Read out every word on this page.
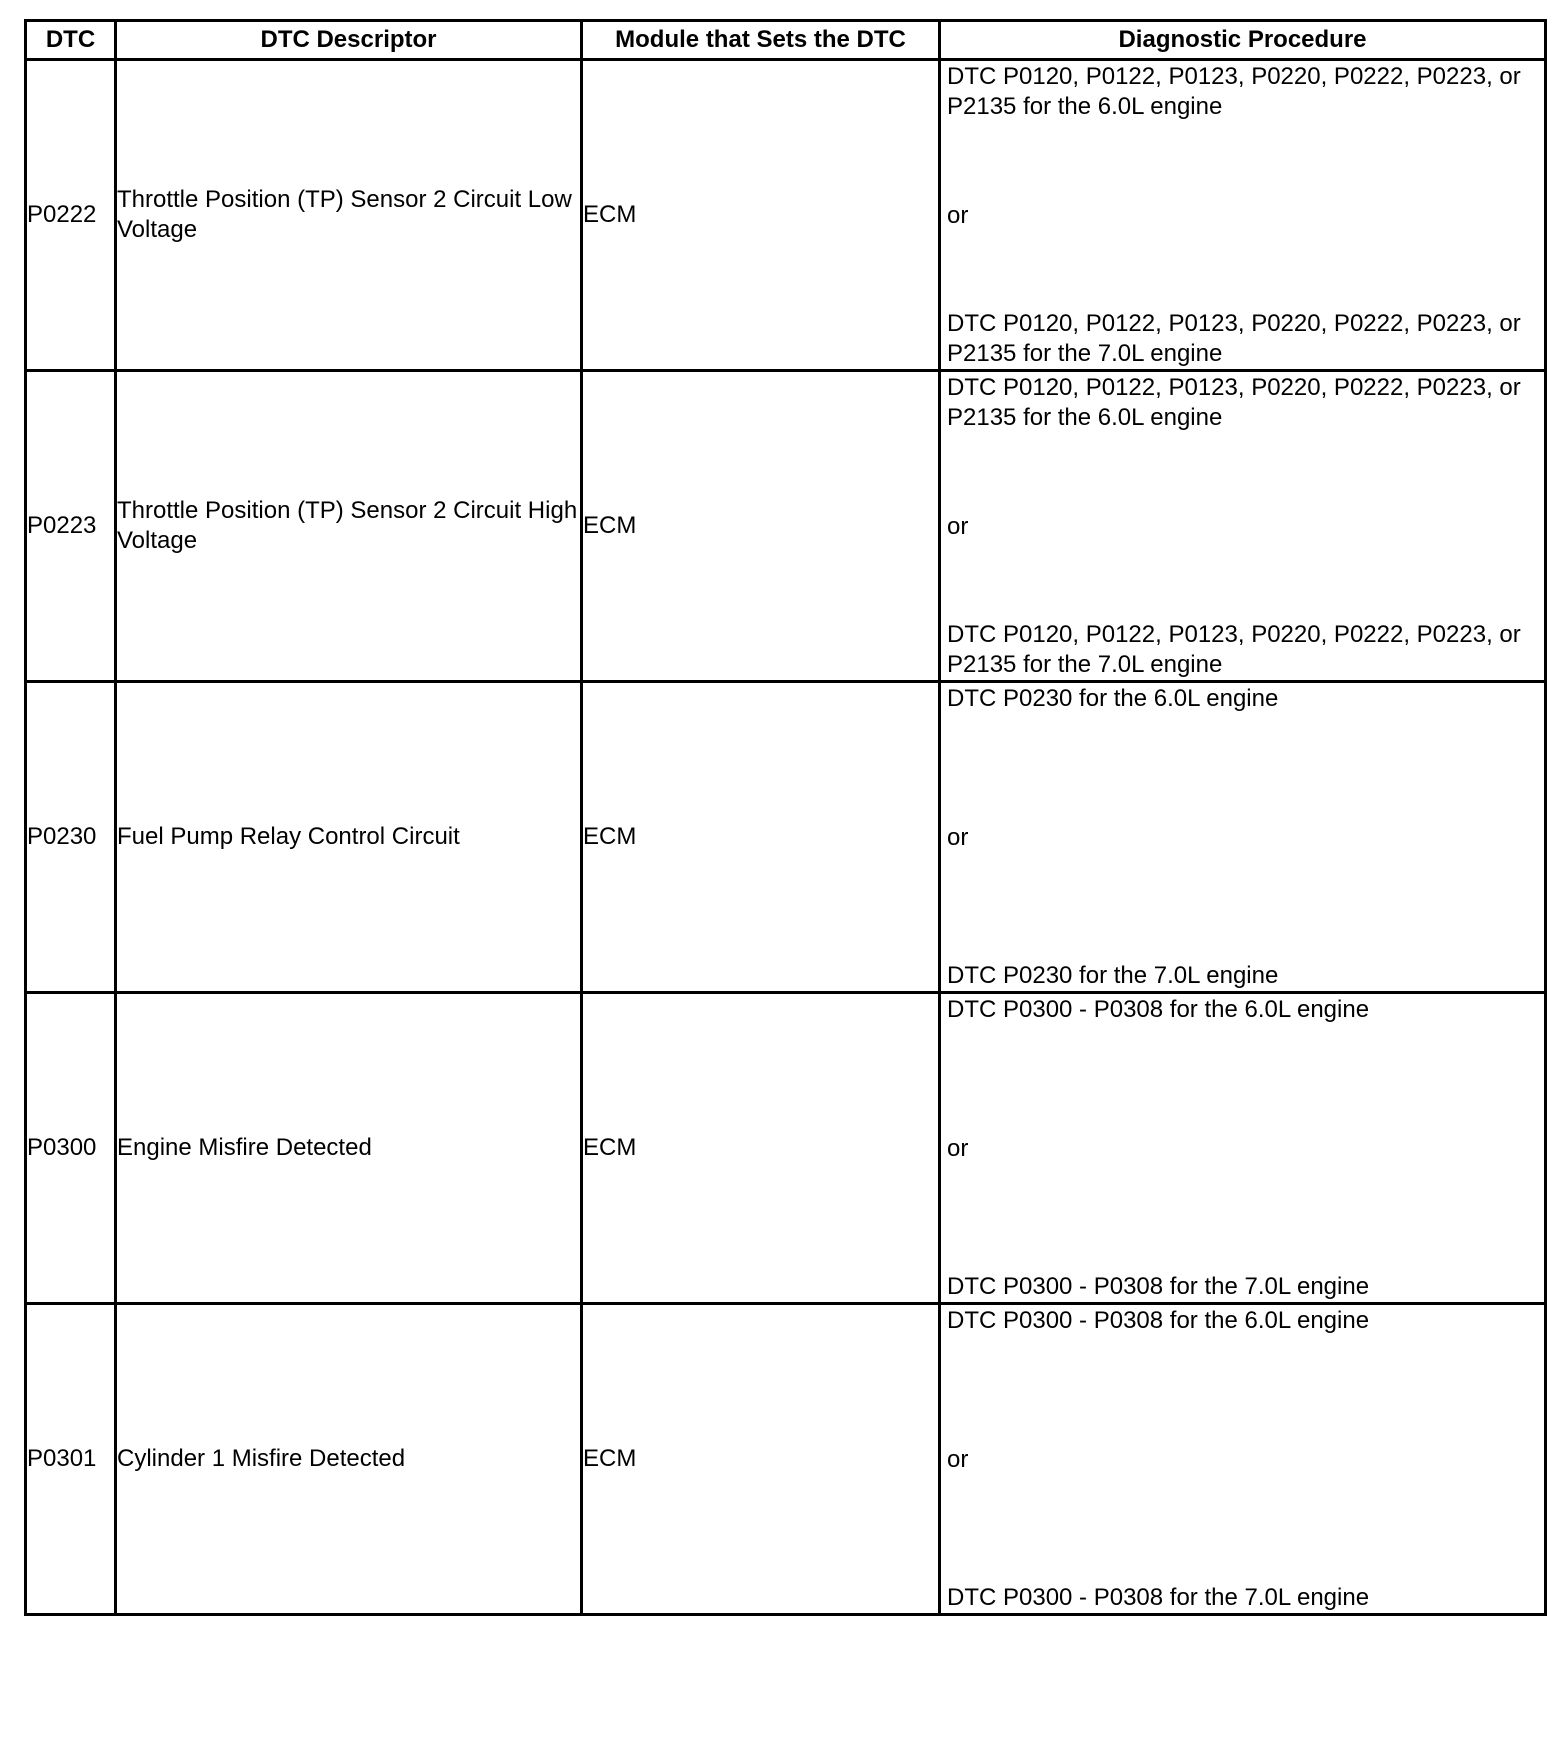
DTC	DTC Descriptor	Module that Sets the DTC	Diagnostic Procedure
P0222	Throttle Position (TP) Sensor 2 Circuit Low Voltage	ECM	DTC P0120, P0122, P0123, P0220, P0222, P0223, or P2135 for the 6.0L engine
or
DTC P0120, P0122, P0123, P0220, P0222, P0223, or P2135 for the 7.0L engine

P0223	Throttle Position (TP) Sensor 2 Circuit High Voltage	ECM	DTC P0120, P0122, P0123, P0220, P0222, P0223, or P2135 for the 6.0L engine
or
DTC P0120, P0122, P0123, P0220, P0222, P0223, or P2135 for the 7.0L engine

P0230	Fuel Pump Relay Control Circuit	ECM	DTC P0230 for the 6.0L engine
or
DTC P0230 for the 7.0L engine

P0300	Engine Misfire Detected	ECM	DTC P0300 - P0308 for the 6.0L engine
or
DTC P0300 - P0308 for the 7.0L engine

P0301	Cylinder 1 Misfire Detected	ECM	DTC P0300 - P0308 for the 6.0L engine
or
DTC P0300 - P0308 for the 7.0L engine
